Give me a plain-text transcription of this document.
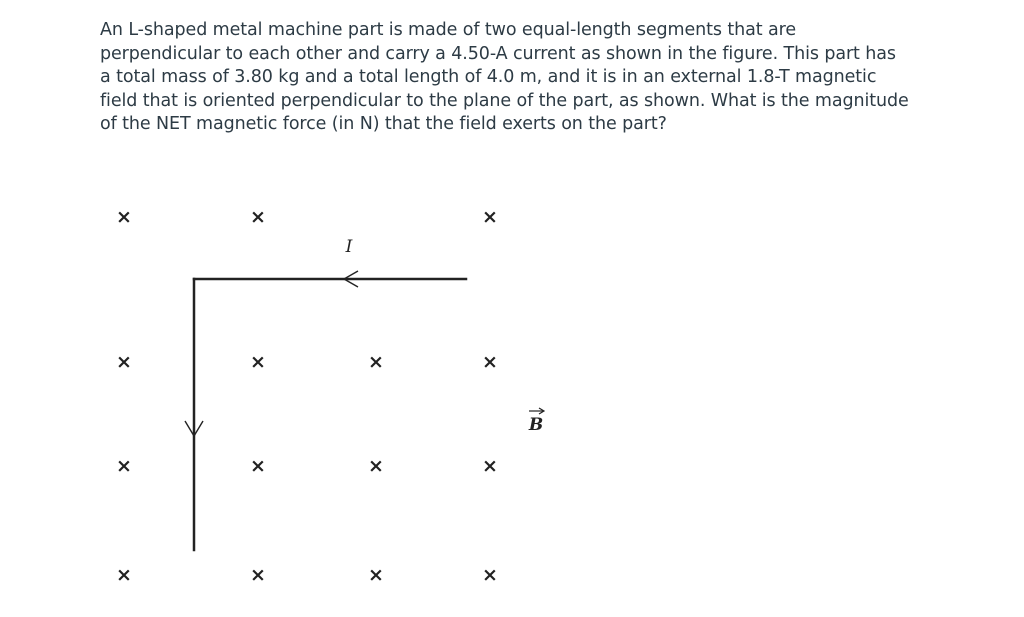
An L-shaped metal machine part is made of two equal-length segments that are perpendicular to each other and carry a 4.50-A current as shown in the figure. This part has a total mass of 3.80 kg and a total length of 4.0 m, and it is in an external 1.8-T magnetic field that is oriented perpendicular to the plane of the part, as shown. What is the magnitude of the NET magnetic force (in N) that the field exerts on the part?

×	×	×
×	×	×	×
×	×	×	×
×	×	×	×
I
B
